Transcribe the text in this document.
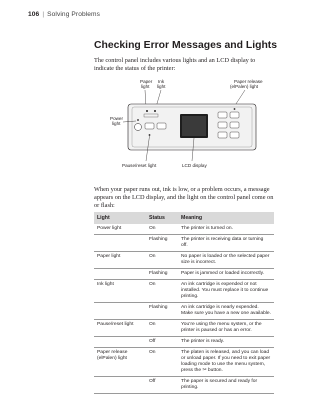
106 | Solving Problems
Checking Error Messages and Lights

The control panel includes various lights and an LCD display to indicate the status of the printer:

Paper
light
Ink
light
Paper release
(elPalen) light
Power
light
Pause/reset light	LCD display

When your paper runs out, ink is low, or a problem occurs, a message appears on the LCD display, and the light on the control panel come on or flash:

Light	Status	Meaning
Power light	On	The printer is turned on.
	Flashing	The printer is receiving data or turning off.
Paper light	On	No paper is loaded or the selected paper size is incorrect.
	Flashing	Paper is jammed or loaded incorrectly.
Ink light	On	An ink cartridge is expended or not installed. You must replace it to continue printing.
	Flashing	An ink cartridge is nearly expended. Make sure you have a new one available.
Pause/reset light	On	You’re using the menu system, or the printer is paused or has an error.
	Off	The printer is ready.
Paper release (elPalen) light	On	The platen is released, and you can load or unload paper. If you need to exit paper loading mode to use the menu system, press the ✂ button.
	Off	The paper is secured and ready for printing.
